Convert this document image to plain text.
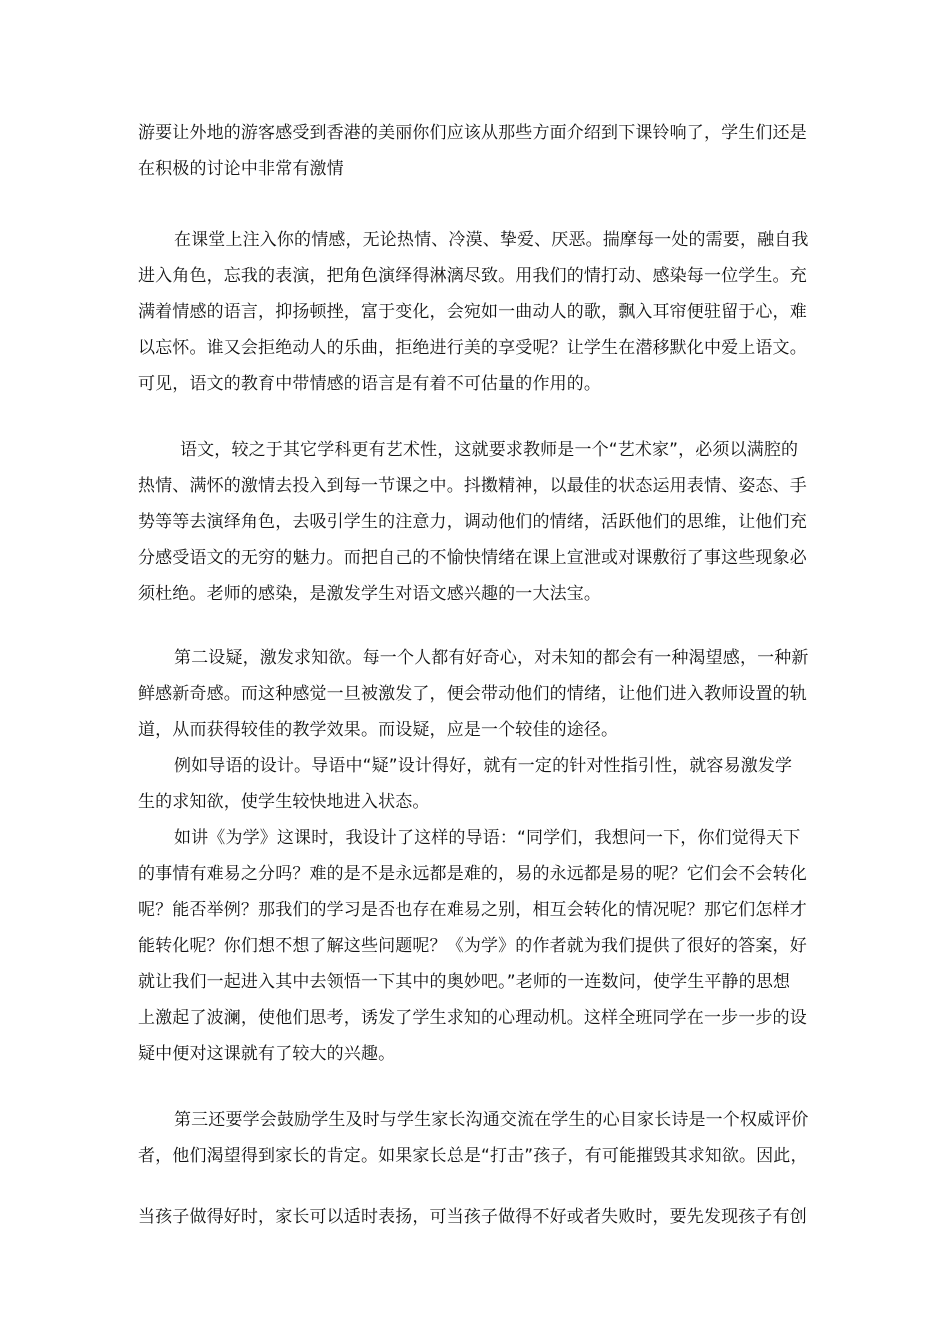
游要让外地的游客感受到香港的美丽你们应该从那些方面介绍到下课铃响了，学生们还是
在积极的讨论中非常有激情
在课堂上注入你的情感，无论热情、冷漠、挚爱、厌恶。揣摩每一处的需要，融自我
进入角色，忘我的表演，把角色演绎得淋漓尽致。用我们的情打动、感染每一位学生。充
满着情感的语言，抑扬顿挫，富于变化，会宛如一曲动人的歌，飘入耳帘便驻留于心，难
以忘怀。谁又会拒绝动人的乐曲，拒绝进行美的享受呢？让学生在潜移默化中爱上语文。
可见，语文的教育中带情感的语言是有着不可估量的作用的。
语文，较之于其它学科更有艺术性，这就要求教师是一个“艺术家”，必须以满腔的
热情、满怀的激情去投入到每一节课之中。抖擞精神，以最佳的状态运用表情、姿态、手
势等等去演绎角色，去吸引学生的注意力，调动他们的情绪，活跃他们的思维，让他们充
分感受语文的无穷的魅力。而把自己的不愉快情绪在课上宣泄或对课敷衍了事这些现象必
须杜绝。老师的感染，是激发学生对语文感兴趣的一大法宝。
第二设疑，激发求知欲。每一个人都有好奇心，对未知的都会有一种渴望感，一种新
鲜感新奇感。而这种感觉一旦被激发了，便会带动他们的情绪，让他们进入教师设置的轨
道，从而获得较佳的教学效果。而设疑，应是一个较佳的途径。
例如导语的设计。导语中“疑”设计得好，就有一定的针对性指引性，就容易激发学
生的求知欲，使学生较快地进入状态。
如讲《为学》这课时，我设计了这样的导语：“同学们，我想问一下，你们觉得天下
的事情有难易之分吗？难的是不是永远都是难的，易的永远都是易的呢？它们会不会转化
呢？能否举例？那我们的学习是否也存在难易之别，相互会转化的情况呢？那它们怎样才
能转化呢？你们想不想了解这些问题呢？《为学》的作者就为我们提供了很好的答案，好
就让我们一起进入其中去领悟一下其中的奥妙吧。”老师的一连数问，使学生平静的思想
上激起了波澜，使他们思考，诱发了学生求知的心理动机。这样全班同学在一步一步的设
疑中便对这课就有了较大的兴趣。
第三还要学会鼓励学生及时与学生家长沟通交流在学生的心目家长诗是一个权威评价
者，他们渴望得到家长的肯定。如果家长总是“打击”孩子，有可能摧毁其求知欲。因此，
当孩子做得好时，家长可以适时表扬，可当孩子做得不好或者失败时，要先发现孩子有创
